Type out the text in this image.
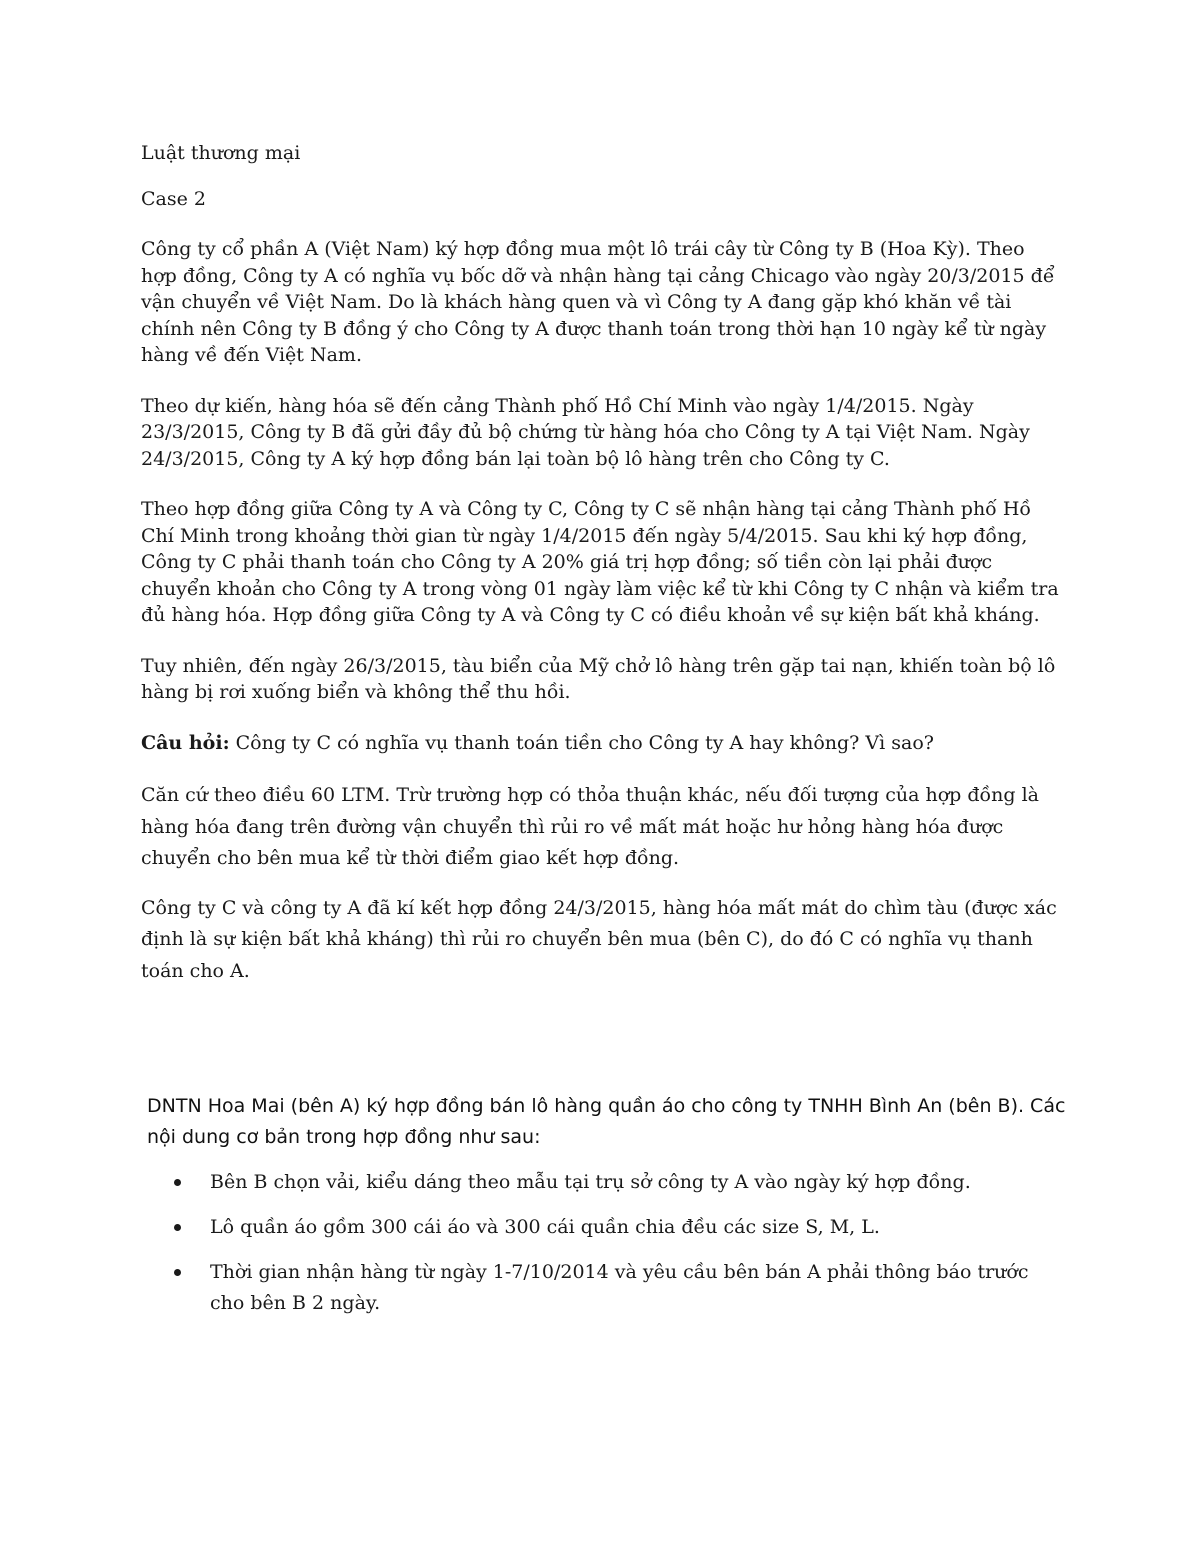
Luật thương mại

Case 2

Công ty cổ phần A (Việt Nam) ký hợp đồng mua một lô trái cây từ Công ty B (Hoa Kỳ). Theo hợp đồng, Công ty A có nghĩa vụ bốc dỡ và nhận hàng tại cảng Chicago vào ngày 20/3/2015 để vận chuyển về Việt Nam. Do là khách hàng quen và vì Công ty A đang gặp khó khăn về tài chính nên Công ty B đồng ý cho Công ty A được thanh toán trong thời hạn 10 ngày kể từ ngày hàng về đến Việt Nam.

Theo dự kiến, hàng hóa sẽ đến cảng Thành phố Hồ Chí Minh vào ngày 1/4/2015. Ngày 23/3/2015, Công ty B đã gửi đầy đủ bộ chứng từ hàng hóa cho Công ty A tại Việt Nam. Ngày 24/3/2015, Công ty A ký hợp đồng bán lại toàn bộ lô hàng trên cho Công ty C.

Theo hợp đồng giữa Công ty A và Công ty C, Công ty C sẽ nhận hàng tại cảng Thành phố Hồ Chí Minh trong khoảng thời gian từ ngày 1/4/2015 đến ngày 5/4/2015. Sau khi ký hợp đồng, Công ty C phải thanh toán cho Công ty A 20% giá trị hợp đồng; số tiền còn lại phải được chuyển khoản cho Công ty A trong vòng 01 ngày làm việc kể từ khi Công ty C nhận và kiểm tra đủ hàng hóa. Hợp đồng giữa Công ty A và Công ty C có điều khoản về sự kiện bất khả kháng.

Tuy nhiên, đến ngày 26/3/2015, tàu biển của Mỹ chở lô hàng trên gặp tai nạn, khiến toàn bộ lô hàng bị rơi xuống biển và không thể thu hồi.

Câu hỏi: Công ty C có nghĩa vụ thanh toán tiền cho Công ty A hay không? Vì sao?

Căn cứ theo điều 60 LTM. Trừ trường hợp có thỏa thuận khác, nếu đối tượng của hợp đồng là hàng hóa đang trên đường vận chuyển thì rủi ro về mất mát hoặc hư hỏng hàng hóa được chuyển cho bên mua kể từ thời điểm giao kết hợp đồng.

Công ty C và công ty A đã kí kết hợp đồng 24/3/2015, hàng hóa mất mát do chìm tàu (được xác định là sự kiện bất khả kháng) thì rủi ro chuyển bên mua (bên C), do đó C có nghĩa vụ thanh toán cho A.

DNTN Hoa Mai (bên A) ký hợp đồng bán lô hàng quần áo cho công ty TNHH Bình An (bên B). Các nội dung cơ bản trong hợp đồng như sau:

Bên B chọn vải, kiểu dáng theo mẫu tại trụ sở công ty A vào ngày ký hợp đồng.
Lô quần áo gồm 300 cái áo và 300 cái quần chia đều các size S, M, L.
Thời gian nhận hàng từ ngày 1-7/10/2014 và yêu cầu bên bán A phải thông báo trước cho bên B 2 ngày.
